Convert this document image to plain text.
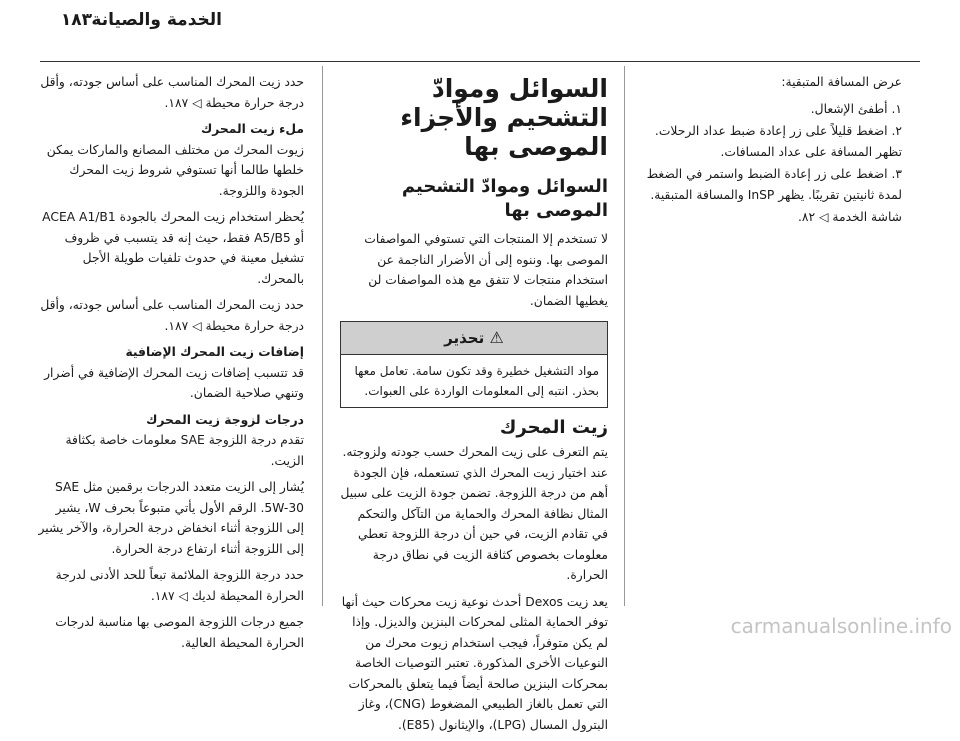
١٨٣ الخدمة والصيانة

عرض المسافة المتبقية:

١. أطفئ الإشعال.
٢. اضغط قليلاً على زر إعادة ضبط عداد الرحلات. تظهر المسافة على عداد المسافات.
٣. اضغط على زر إعادة الضبط واستمر في الضغط لمدة ثانيتين تقريبًا. يظهر InSP والمسافة المتبقية.
شاشة الخدمة ◁ ٨٢.
السوائل وموادّ التشحيم والأجزاء الموصى بها
السوائل وموادّ التشحيم الموصى بها

لا تستخدم إلا المنتجات التي تستوفي المواصفات الموصى بها. وننوه إلى أن الأضرار الناجمة عن استخدام منتجات لا تتفق مع هذه المواصفات لن يغطيها الضمان.

⚠ تحذير
مواد التشغيل خطيرة وقد تكون سامة. تعامل معها بحذر. انتبه إلى المعلومات الواردة على العبوات.
زيت المحرك

يتم التعرف على زيت المحرك حسب جودته ولزوجته. عند اختيار زيت المحرك الذي تستعمله، فإن الجودة أهم من درجة اللزوجة. تضمن جودة الزيت على سبيل المثال نظافة المحرك والحماية من التآكل والتحكم في تقادم الزيت، في حين أن درجة اللزوجة تعطي معلومات بخصوص كثافة الزيت في نطاق درجة الحرارة.

يعد زيت Dexos أحدث نوعية زيت محركات حيث أنها توفر الحماية المثلى لمحركات البنزين والديزل. وإذا لم يكن متوفراً، فيجب استخدام زيوت محرك من النوعيات الأخرى المذكورة. تعتبر التوصيات الخاصة بمحركات البنزين صالحة أيضاً فيما يتعلق بالمحركات التي تعمل بالغاز الطبيعي المضغوط (CNG)، وغاز البترول المسال (LPG)، والإيثانول (E85).

حدد زيت المحرك المناسب على أساس جودته، وأقل درجة حرارة محيطة ◁ ١٨٧.

ملء زيت المحرك

زيوت المحرك من مختلف المصانع والماركات يمكن خلطها طالما أنها تستوفي شروط زيت المحرك الجودة واللزوجة.

يُحظر استخدام زيت المحرك بالجودة ACEA A1/B1 أو A5/B5 فقط، حيث إنه قد يتسبب في ظروف تشغيل معينة في حدوث تلفيات طويلة الأجل بالمحرك.

حدد زيت المحرك المناسب على أساس جودته، وأقل درجة حرارة محيطة ◁ ١٨٧.

إضافات زيت المحرك الإضافية

قد تتسبب إضافات زيت المحرك الإضافية في أضرار وتنهي صلاحية الضمان.

درجات لزوجة زيت المحرك

تقدم درجة اللزوجة SAE معلومات خاصة بكثافة الزيت.

يُشار إلى الزيت متعدد الدرجات برقمين مثل SAE 5W-30. الرقم الأول يأتي متبوعاً بحرف W، يشير إلى اللزوجة أثناء انخفاض درجة الحرارة، والآخر يشير إلى اللزوجة أثناء ارتفاع درجة الحرارة.

حدد درجة اللزوجة الملائمة تبعاً للحد الأدنى لدرجة الحرارة المحيطة لديك ◁ ١٨٧.

جميع درجات اللزوجة الموصى بها مناسبة لدرجات الحرارة المحيطة العالية.

carmanualsonline.info
